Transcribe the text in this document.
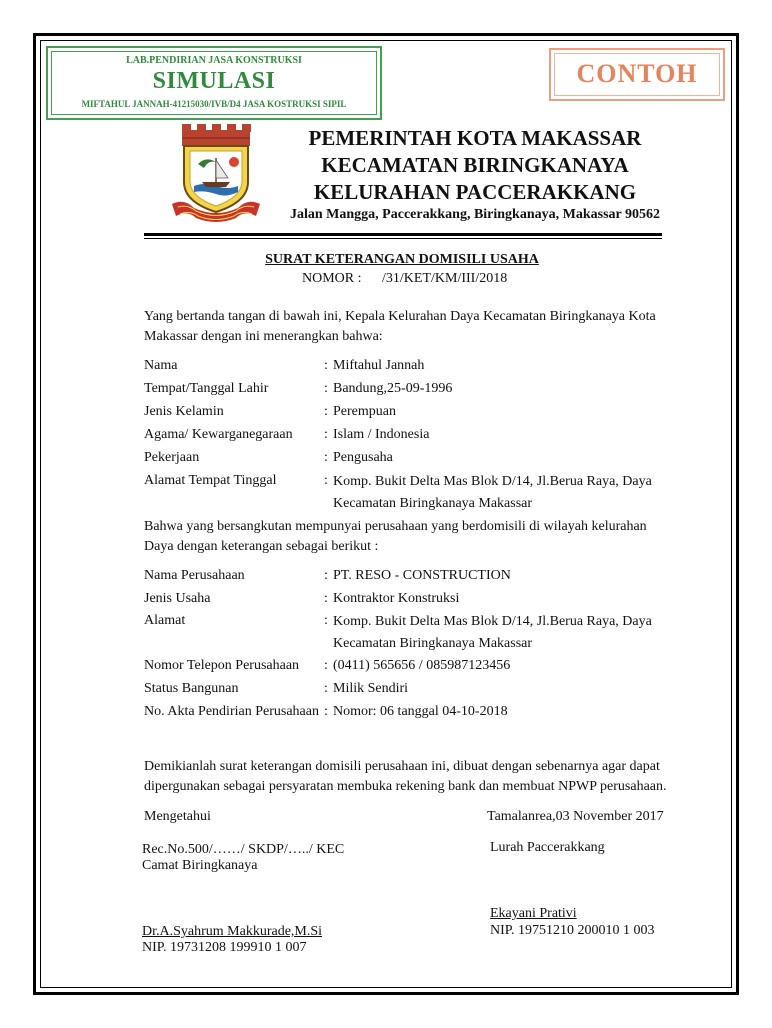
LAB.PENDIRIAN JASA KONSTRUKSI
SIMULASI
MIFTAHUL JANNAH-41215030/IVB/D4 JASA KOSTRUKSI SIPIL
CONTOH
PEMERINTAH KOTA MAKASSAR
KECAMATAN BIRINGKANAYA
KELURAHAN PACCERAKKANG
Jalan Mangga, Paccerakkang, Biringkanaya, Makassar 90562
SURAT KETERANGAN DOMISILI USAHA
NOMOR : /31/KET/KM/III/2018
Yang bertanda tangan di bawah ini, Kepala Kelurahan Daya Kecamatan Biringkanaya Kota Makassar dengan ini menerangkan bahwa:
Nama	: Miftahul Jannah
Tempat/Tanggal Lahir	: Bandung,25-09-1996
Jenis Kelamin	: Perempuan
Agama/ Kewarganegaraan : Islam / Indonesia
Pekerjaan	: Pengusaha
Alamat Tempat Tinggal	: Komp. Bukit Delta Mas Blok D/14, Jl.Berua Raya, Daya Kecamatan Biringkanaya Makassar
Bahwa yang bersangkutan mempunyai perusahaan yang berdomisili di wilayah kelurahan Daya dengan keterangan sebagai berikut :
Nama Perusahaan	: PT. RESO - CONSTRUCTION
Jenis Usaha	: Kontraktor Konstruksi
Alamat	: Komp. Bukit Delta Mas Blok D/14, Jl.Berua Raya, Daya Kecamatan Biringkanaya Makassar
Nomor Telepon Perusahaan : (0411) 565656 / 085987123456
Status Bangunan	: Milik Sendiri
No. Akta Pendirian Perusahaan : Nomor: 06 tanggal 04-10-2018
Demikianlah surat keterangan domisili perusahaan ini, dibuat dengan sebenarnya agar dapat dipergunakan sebagai persyaratan membuka rekening bank dan membuat NPWP perusahaan.
Mengetahui	Tamalanrea,03 November 2017
Rec.No.500/……/ SKDP/…../ KEC
Camat Biringkanaya
Lurah Paccerakkang
Ekayani Prativi
NIP. 19751210 200010 1 003
Dr.A.Syahrum Makkurade,M.Si
NIP. 19731208 199910 1 007
